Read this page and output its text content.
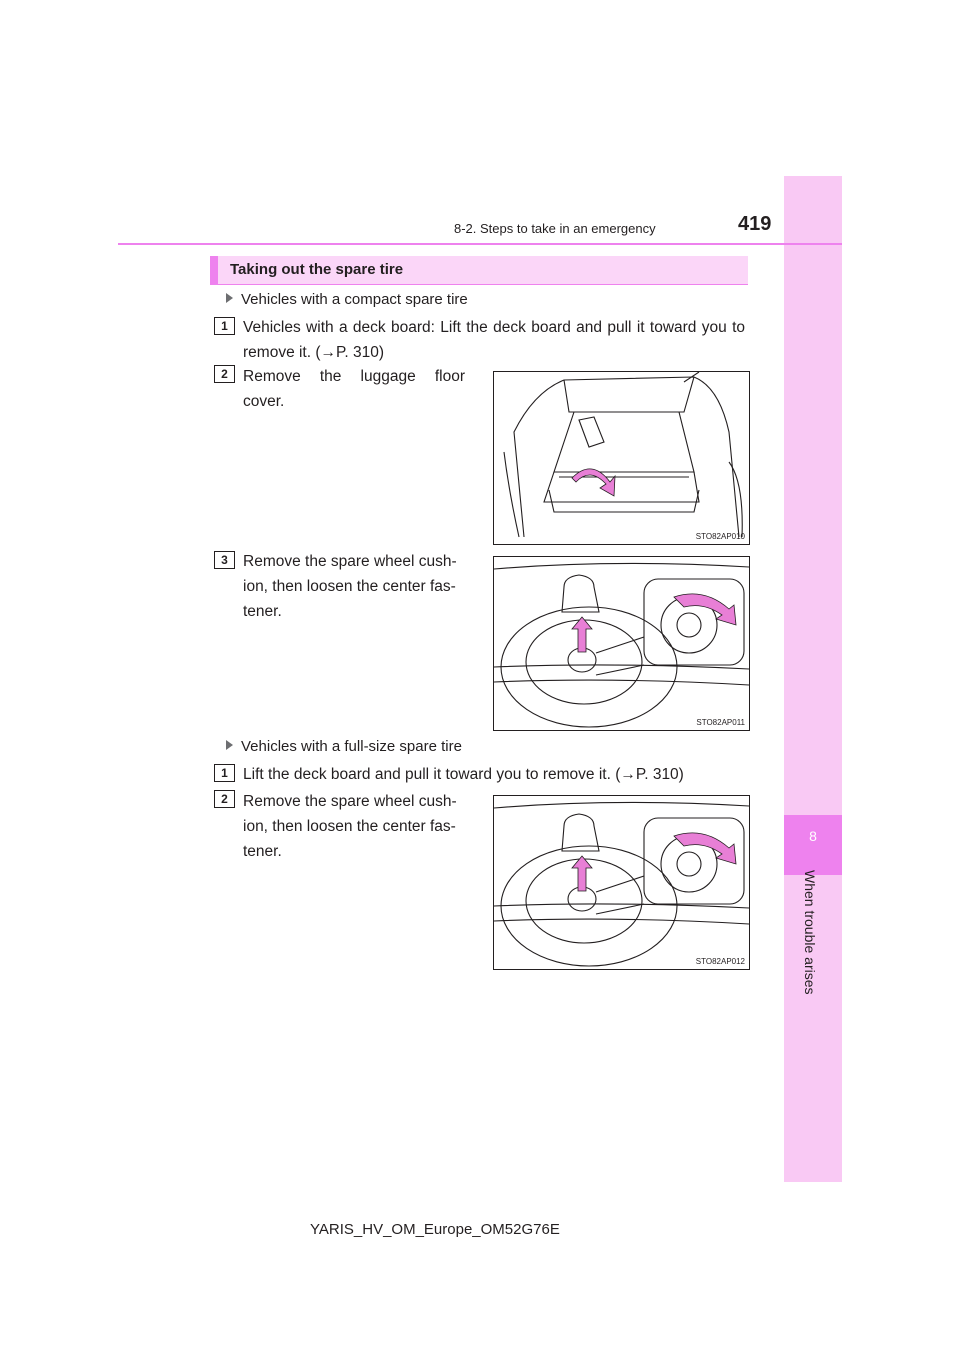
8
When trouble arises
8-2. Steps to take in an emergency	419
Taking out the spare tire
Vehicles with a compact spare tire
1 Vehicles with a deck board: Lift the deck board and pull it toward you to remove it. (→P. 310)
2 Remove the luggage floor cover.
STO82AP010
3 Remove the spare wheel cush-
ion, then loosen the center fas-
tener.
STO82AP011
Vehicles with a full-size spare tire
1 Lift the deck board and pull it toward you to remove it. (→P. 310)
2 Remove the spare wheel cush-
ion, then loosen the center fas-
tener.
STO82AP012
YARIS_HV_OM_Europe_OM52G76E
